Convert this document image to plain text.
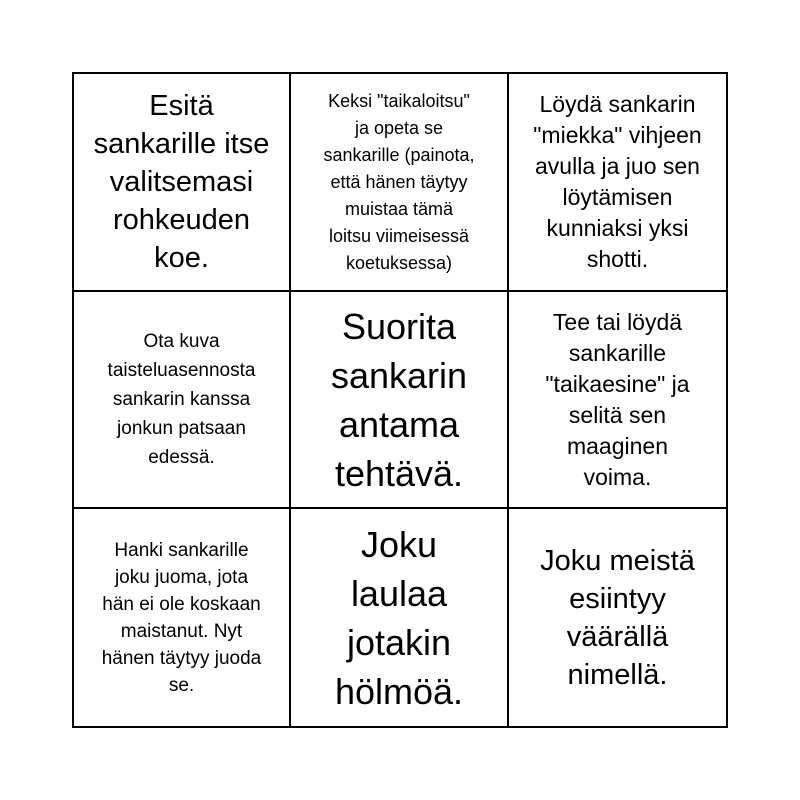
Esitä
sankarille itse
valitsemasi
rohkeuden
koe.
Keksi "taikaloitsu"
ja opeta se
sankarille (painota,
että hänen täytyy
muistaa tämä
loitsu viimeisessä
koetuksessa)
Löydä sankarin
"miekka" vihjeen
avulla ja juo sen
löytämisen
kunniaksi yksi
shotti.
Ota kuva
taisteluasennosta
sankarin kanssa
jonkun patsaan
edessä.
Suorita
sankarin
antama
tehtävä.
Tee tai löydä
sankarille
"taikaesine" ja
selitä sen
maaginen
voima.
Hanki sankarille
joku juoma, jota
hän ei ole koskaan
maistanut. Nyt
hänen täytyy juoda
se.
Joku
laulaa
jotakin
hölmöä.
Joku meistä
esiintyy
väärällä
nimellä.
